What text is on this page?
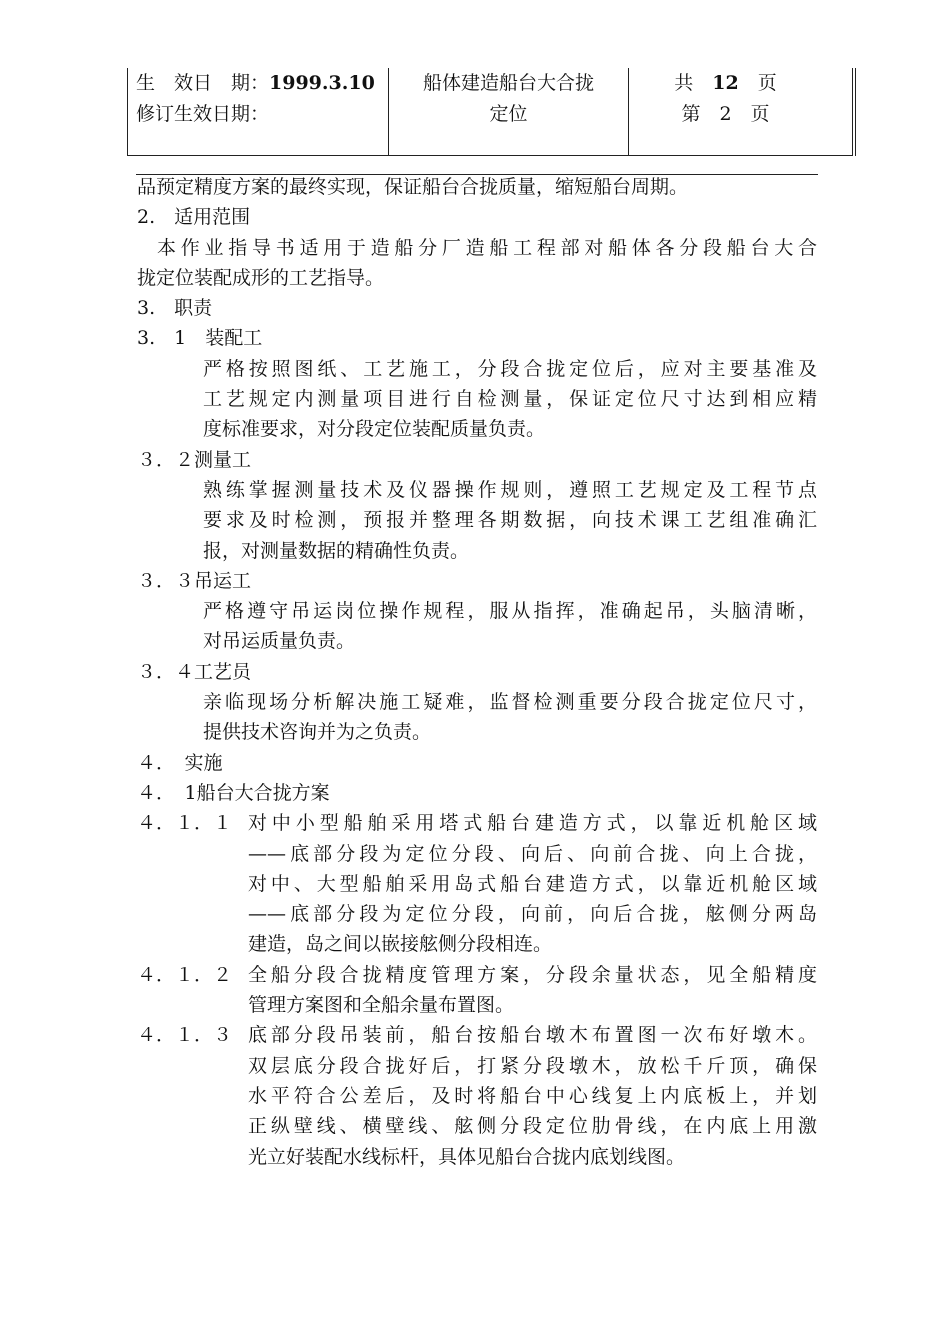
生　效日　期：1999.3.10
修订生效日期：
船体建造船台大合拢
定位
共　12　页
第　2　页
品预定精度方案的最终实现，保证船台合拢质量，缩短船台周期。
2.　适用范围
本作业指导书适用于造船分厂造船工程部对船体各分段船台大合
拢定位装配成形的工艺指导。
3.　职责
3.　1　装配工
严格按照图纸、工艺施工，分段合拢定位后，应对主要基准及
工艺规定内测量项目进行自检测量，保证定位尺寸达到相应精
度标准要求，对分段定位装配质量负责。
３．２测量工
熟练掌握测量技术及仪器操作规则，遵照工艺规定及工程节点
要求及时检测，预报并整理各期数据，向技术课工艺组准确汇
报，对测量数据的精确性负责。
３．３吊运工
严格遵守吊运岗位操作规程，服从指挥，准确起吊，头脑清晰，
对吊运质量负责。
３．４工艺员
亲临现场分析解决施工疑难，监督检测重要分段合拢定位尺寸，
提供技术咨询并为之负责。
４．　实施
４．　1船台大合拢方案
４．１．１ 对中小型船舶采用塔式船台建造方式，以靠近机舱区域
——底部分段为定位分段、向后、向前合拢、向上合拢，
对中、大型船舶采用岛式船台建造方式，以靠近机舱区域
——底部分段为定位分段，向前，向后合拢，舷侧分两岛
建造，岛之间以嵌接舷侧分段相连。
４．１．２ 全船分段合拢精度管理方案，分段余量状态，见全船精度
管理方案图和全船余量布置图。
４．１．３ 底部分段吊装前，船台按船台墩木布置图一次布好墩木。
双层底分段合拢好后，打紧分段墩木，放松千斤顶，确保
水平符合公差后，及时将船台中心线复上内底板上，并划
正纵壁线、横壁线、舷侧分段定位肋骨线，在内底上用激
光立好装配水线标杆，具体见船台合拢内底划线图。
